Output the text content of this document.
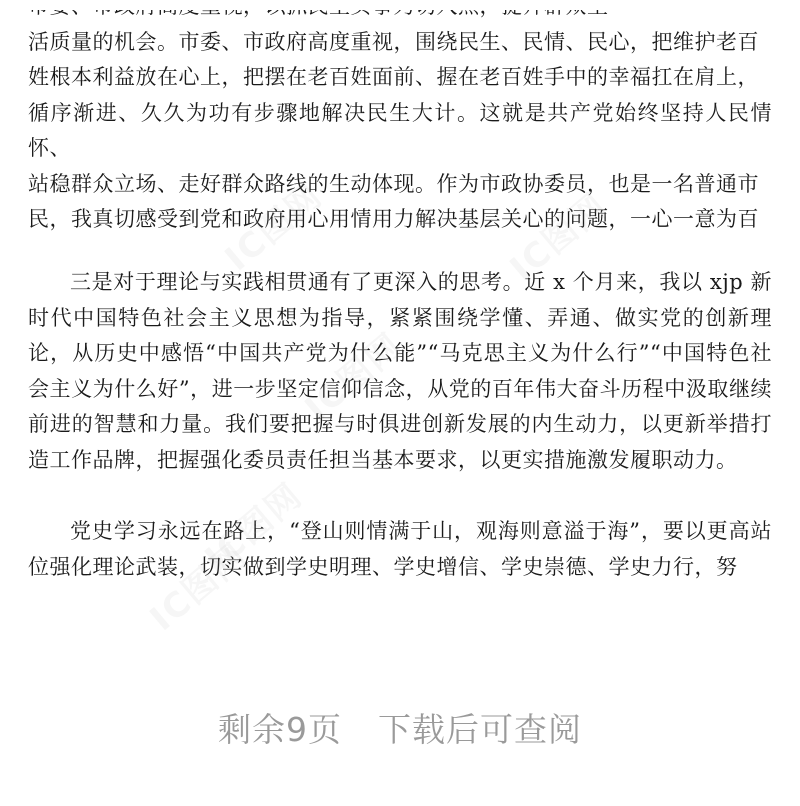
活质量的机会。市委、市政府高度重视，围绕民生、民情、民心，把维护老百
姓根本利益放在心上，把摆在老百姓面前、握在老百姓手中的幸福扛在肩上，
循序渐进、久久为功有步骤地解决民生大计。这就是共产党始终坚持人民情怀、
站稳群众立场、走好群众路线的生动体现。作为市政协委员，也是一名普通市
民，我真切感受到党和政府用心用情用力解决基层关心的问题，一心一意为百
三是对于理论与实践相贯通有了更深入的思考。近 x 个月来，我以 xjp 新时代中国特色社会主义思想为指导，紧紧围绕学懂、弄通、做实党的创新理论，从历史中感悟“中国共产党为什么能”“马克思主义为什么行”“中国特色社会主义为什么好”，进一步坚定信仰信念，从党的百年伟大奋斗历程中汲取继续前进的智慧和力量。我们要把握与时俱进创新发展的内生动力，以更新举措打造工作品牌，把握强化委员责任担当基本要求，以更实措施激发履职动力。
党史学习永远在路上，“登山则情满于山，观海则意溢于海”，要以更高站位强化理论武装，切实做到学史明理、学史增信、学史崇德、学史力行，努
IC图网	IC图网
IC图网
IC图网
IC图网
剩余9页 下载后可查阅
